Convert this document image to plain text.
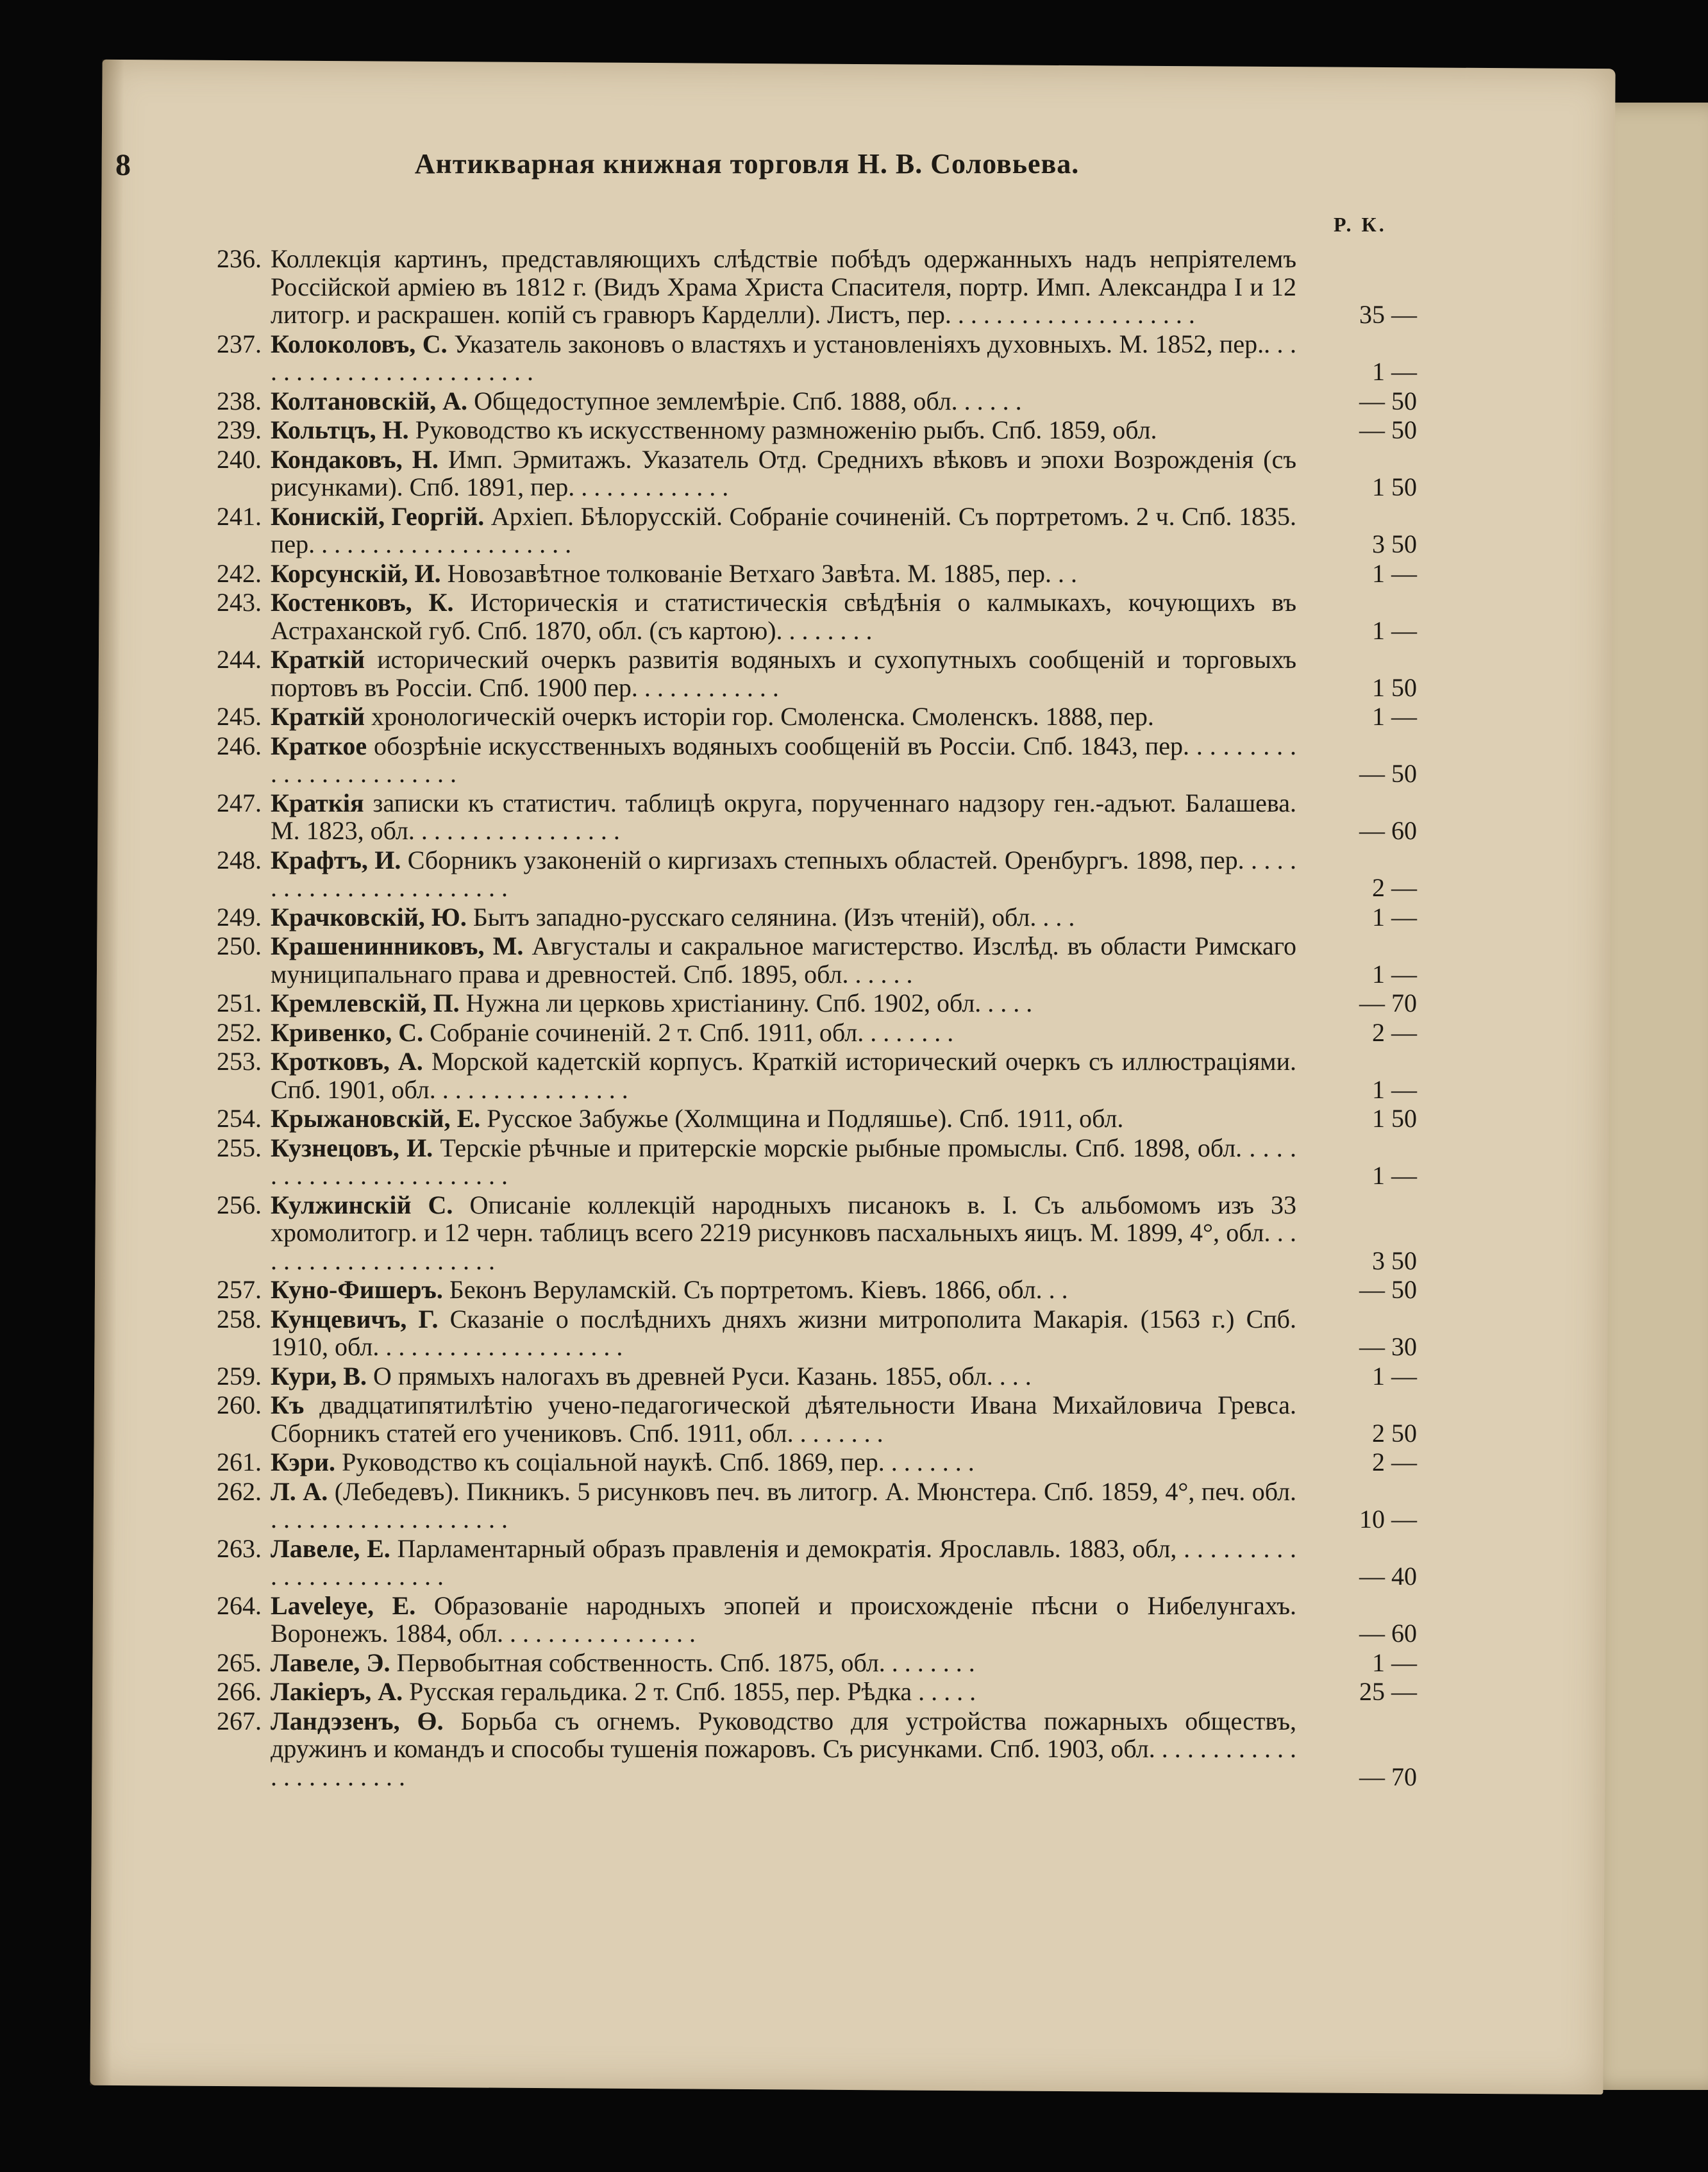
8	Антикварная книжная торговля Н. В. Соловьева.
Р. К.
236. Коллекція картинъ, представляющихъ слѣдствіе побѣдъ одержанныхъ надъ непріятелемъ Россійской арміею въ 1812 г. (Видъ Храма Христа Спасителя, портр. Имп. Александра I и 12 литогр. и раскрашен. копій съ гравюръ Карделли). Листъ, пер. . . . . . . . . . . . . . . . . . . .	35 —
237. Колоколовъ, С. Указатель законовъ о властяхъ и установленіяхъ духовныхъ. М. 1852, пер.. . . . . . . . . . . . . . . . . . . . . . . .	1 —
238. Колтановскій, А. Общедоступное землемѣріе. Спб. 1888, обл. . . . . .	— 50
239. Кольтцъ, Н. Руководство къ искусственному размноженію рыбъ. Спб. 1859, обл.	— 50
240. Кондаковъ, Н. Имп. Эрмитажъ. Указатель Отд. Среднихъ вѣковъ и эпохи Возрожденія (съ рисунками). Спб. 1891, пер. . . . . . . . . . . . .	1 50
241. Конискій, Георгій. Архіеп. Бѣлорусскій. Собраніе сочиненій. Съ портретомъ. 2 ч. Спб. 1835. пер. . . . . . . . . . . . . . . . . . . . .	3 50
242. Корсунскій, И. Новозавѣтное толкованіе Ветхаго Завѣта. М. 1885, пер. . .	1 —
243. Костенковъ, К. Историческія и статистическія свѣдѣнія о калмыкахъ, кочующихъ въ Астраханской губ. Спб. 1870, обл. (съ картою). . . . . . . .	1 —
244. Краткій исторический очеркъ развитія водяныхъ и сухопутныхъ сообщеній и торговыхъ портовъ въ Россіи. Спб. 1900 пер. . . . . . . . . . . .	1 50
245. Краткій хронологическій очеркъ исторіи гор. Смоленска. Смоленскъ. 1888, пер.	1 —
246. Краткое обозрѣніе искусственныхъ водяныхъ сообщеній въ Россіи. Спб. 1843, пер. . . . . . . . . . . . . . . . . . . . . . . .	— 50
247. Краткія записки къ статистич. таблицѣ округа, порученнаго надзору ген.-адъют. Балашева. М. 1823, обл. . . . . . . . . . . . . . . . .	— 60
248. Крафтъ, И. Сборникъ узаконеній о киргизахъ степныхъ областей. Оренбургъ. 1898, пер. . . . . . . . . . . . . . . . . . . . . . . .	2 —
249. Крачковскій, Ю. Бытъ западно-русскаго селянина. (Изъ чтеній), обл. . . .	1 —
250. Крашенинниковъ, М. Августалы и сакральное магистерство. Изслѣд. въ области Римскаго муниципальнаго права и древностей. Спб. 1895, обл. . . . . .	1 —
251. Кремлевскій, П. Нужна ли церковь христіанину. Спб. 1902, обл. . . . .	— 70
252. Кривенко, С. Собраніе сочиненій. 2 т. Спб. 1911, обл. . . . . . . .	2 —
253. Кротковъ, А. Морской кадетскій корпусъ. Краткій исторический очеркъ съ иллюстраціями. Спб. 1901, обл. . . . . . . . . . . . . . . .	1 —
254. Крыжановскій, Е. Русское Забужье (Холмщина и Подляшье). Спб. 1911, обл.	1 50
255. Кузнецовъ, И. Терскіе рѣчные и притерскіе морскіе рыбные промыслы. Спб. 1898, обл. . . . . . . . . . . . . . . . . . . . . . . .	1 —
256. Кулжинскій С. Описаніе коллекцій народныхъ писанокъ в. І. Съ альбомомъ изъ 33 хромолитогр. и 12 черн. таблицъ всего 2219 рисунковъ пасхальныхъ яицъ. М. 1899, 4°, обл. . . . . . . . . . . . . . . . . . . . .	3 50
257. Куно-Фишеръ. Беконъ Веруламскій. Съ портретомъ. Кіевъ. 1866, обл. . .	— 50
258. Кунцевичъ, Г. Сказаніе о послѣднихъ дняхъ жизни митрополита Макарія. (1563 г.) Спб. 1910, обл. . . . . . . . . . . . . . . . . . . .	— 30
259. Кури, В. О прямыхъ налогахъ въ древней Руси. Казань. 1855, обл. . . .	1 —
260. Къ двадцатипятилѣтію учено-педагогической дѣятельности Ивана Михайловича Гревса. Сборникъ статей его учениковъ. Спб. 1911, обл. . . . . . . .	2 50
261. Кэри. Руководство къ соціальной наукѣ. Спб. 1869, пер. . . . . . . .	2 —
262. Л. А. (Лебедевъ). Пикникъ. 5 рисунковъ печ. въ литогр. А. Мюнстера. Спб. 1859, 4°, печ. обл. . . . . . . . . . . . . . . . . . . .	10 —
263. Лавеле, Е. Парламентарный образъ правленія и демократія. Ярославль. 1883, обл, . . . . . . . . . . . . . . . . . . . . . . .	— 40
264. Laveleye, E. Образованіе народныхъ эпопей и происхожденіе пѣсни о Нибелунгахъ. Воронежъ. 1884, обл. . . . . . . . . . . . . . . .	— 60
265. Лавеле, Э. Первобытная собственность. Спб. 1875, обл. . . . . . . .	1 —
266. Лакіеръ, А. Русская геральдика. 2 т. Спб. 1855, пер. Рѣдка . . . . .	25 —
267. Ландэзенъ, Ө. Борьба съ огнемъ. Руководство для устройства пожарныхъ обществъ, дружинъ и командъ и способы тушенія пожаровъ. Съ рисунками. Спб. 1903, обл. . . . . . . . . . . . . . . . . . . . . . .	— 70
